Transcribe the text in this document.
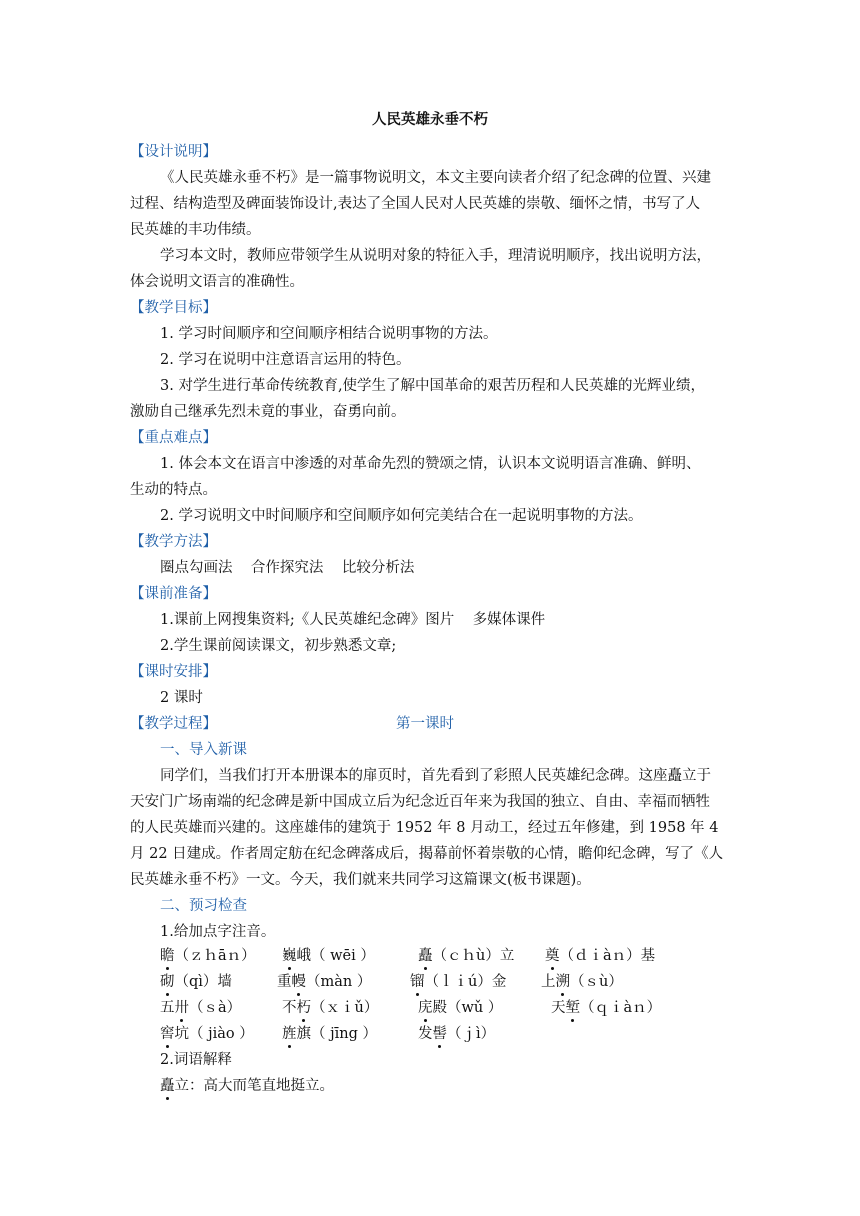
人民英雄永垂不朽
【设计说明】
《人民英雄永垂不朽》是一篇事物说明文，本文主要向读者介绍了纪念碑的位置、兴建
过程、结构造型及碑面装饰设计,表达了全国人民对人民英雄的崇敬、缅怀之情，书写了人
民英雄的丰功伟绩。
学习本文时，教师应带领学生从说明对象的特征入手，理清说明顺序，找出说明方法，
体会说明文语言的准确性。
【教学目标】
1. 学习时间顺序和空间顺序相结合说明事物的方法。
2. 学习在说明中注意语言运用的特色。
3. 对学生进行革命传统教育,使学生了解中国革命的艰苦历程和人民英雄的光辉业绩，
激励自己继承先烈未竟的事业，奋勇向前。
【重点难点】
1. 体会本文在语言中渗透的对革命先烈的赞颂之情，认识本文说明语言准确、鲜明、
生动的特点。
2. 学习说明文中时间顺序和空间顺序如何完美结合在一起说明事物的方法。
【教学方法】
圈点勾画法    合作探究法    比较分析法
【课前准备】
1.课前上网搜集资料;《人民英雄纪念碑》图片    多媒体课件
2.学生课前阅读课文，初步熟悉文章;
【课时安排】
2 课时
【教学过程】	第一课时
一、导入新课
同学们，当我们打开本册课本的扉页时，首先看到了彩照人民英雄纪念碑。这座矗立于
天安门广场南端的纪念碑是新中国成立后为纪念近百年来为我国的独立、自由、幸福而牺牲
的人民英雄而兴建的。这座雄伟的建筑于 1952 年 8 月动工，经过五年修建，到 1958 年 4
月 22 日建成。作者周定舫在纪念碑落成后，揭幕前怀着崇敬的心情，瞻仰纪念碑，写了《人
民英雄永垂不朽》一文。今天，我们就来共同学习这篇课文(板书课题)。
二、预习检查
1.给加点字注音。
瞻（ｚｈāｎ） 巍峨（ wēi ）	矗（ｃｈù）立 奠（ｄｉàｎ）基
砌（qì）墙	重幔（màn ）	镏（ｌｉú）金 上溯（ｓù）
五卅（ｓà）	不朽（ｘｉǔ）	庑殿（wǔ ）	天堑（ｑｉàｎ）
窖坑（ jiào ） 旌旗（ jīng ）	发髻（ｊì）
2.词语解释
矗立：高大而笔直地挺立。
